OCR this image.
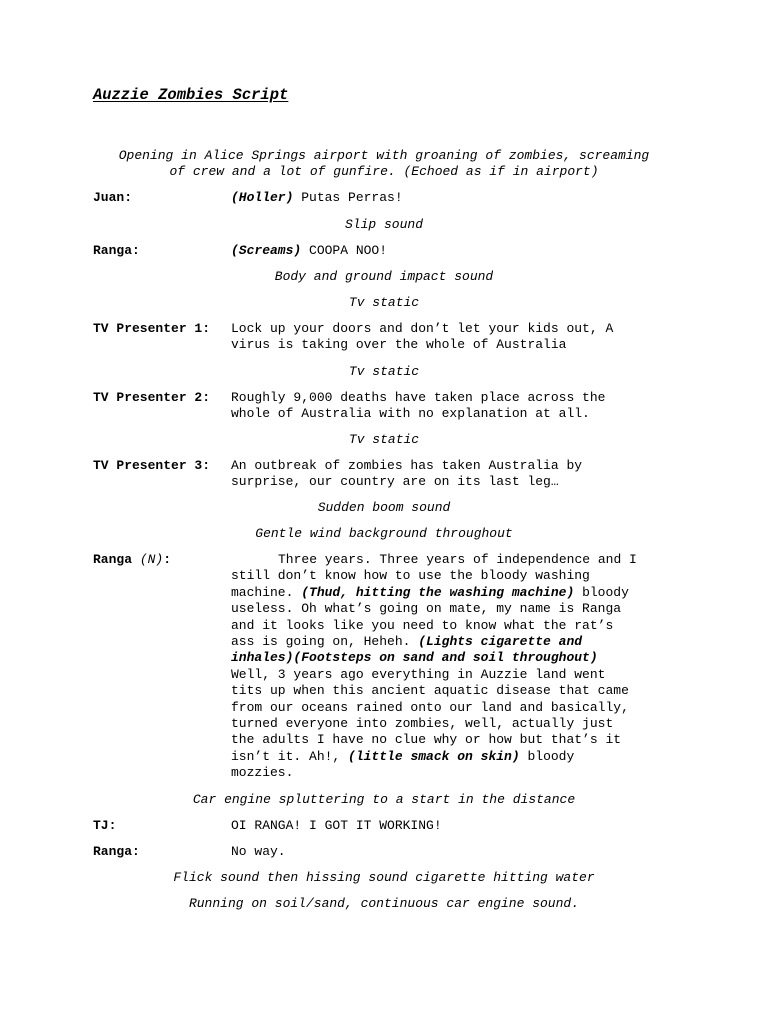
Auzzie Zombies Script
Opening in Alice Springs airport with groaning of zombies, screaming
of crew and a lot of gunfire. (Echoed as if in airport)
Juan:	(Holler) Putas Perras!
Slip sound
Ranga:	(Screams) COOPA NOO!
Body and ground impact sound
Tv static
TV Presenter 1: Lock up your doors and don’t let your kids out, A
virus is taking over the whole of Australia
Tv static
TV Presenter 2: Roughly 9,000 deaths have taken place across the
whole of Australia with no explanation at all.
Tv static
TV Presenter 3: An outbreak of zombies has taken Australia by
surprise, our country are on its last leg…
Sudden boom sound
Gentle wind background throughout
Ranga (N):	Three years. Three years of independence and I
still don’t know how to use the bloody washing
machine. (Thud, hitting the washing machine) bloody
useless. Oh what’s going on mate, my name is Ranga
and it looks like you need to know what the rat’s
ass is going on, Heheh. (Lights cigarette and
inhales)(Footsteps on sand and soil throughout)
Well, 3 years ago everything in Auzzie land went
tits up when this ancient aquatic disease that came
from our oceans rained onto our land and basically,
turned everyone into zombies, well, actually just
the adults I have no clue why or how but that’s it
isn’t it. Ah!, (little smack on skin) bloody
mozzies.
Car engine spluttering to a start in the distance
TJ:	OI RANGA! I GOT IT WORKING!
Ranga:	No way.
Flick sound then hissing sound cigarette hitting water
Running on soil/sand, continuous car engine sound.
